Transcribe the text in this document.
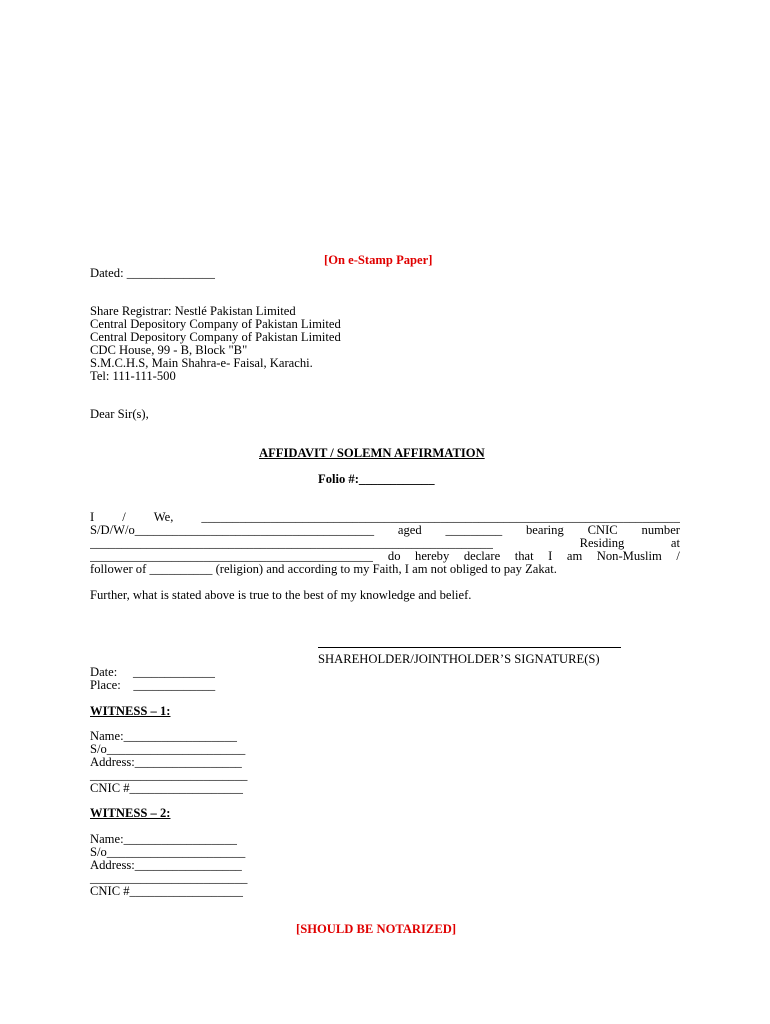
[On e-Stamp Paper]
Dated: ______________
Share Registrar: Nestlé Pakistan Limited
Central Depository Company of Pakistan Limited
Central Depository Company of Pakistan Limited
CDC House, 99 - B, Block "B"
S.M.C.H.S, Main Shahra-e- Faisal, Karachi.
Tel: 111-111-500
Dear Sir(s),
AFFIDAVIT / SOLEMN AFFIRMATION
Folio #:____________
I / We, ____________________________________________________________________________
S/D/W/o______________________________________ aged _________ bearing CNIC number
________________________________________________________________	Residing	at
_____________________________________________ do hereby declare that I am Non-Muslim /
follower of __________ (religion) and according to my Faith, I am not obliged to pay Zakat.
Further, what is stated above is true to the best of my knowledge and belief.
SHAREHOLDER/JOINTHOLDER’S SIGNATURE(S)
Date:     _____________
Place:    _____________
WITNESS – 1:
Name:__________________
S/o______________________
Address:_________________
_________________________
CNIC #__________________
WITNESS – 2:
Name:__________________
S/o______________________
Address:_________________
_________________________
CNIC #__________________
[SHOULD BE NOTARIZED]
